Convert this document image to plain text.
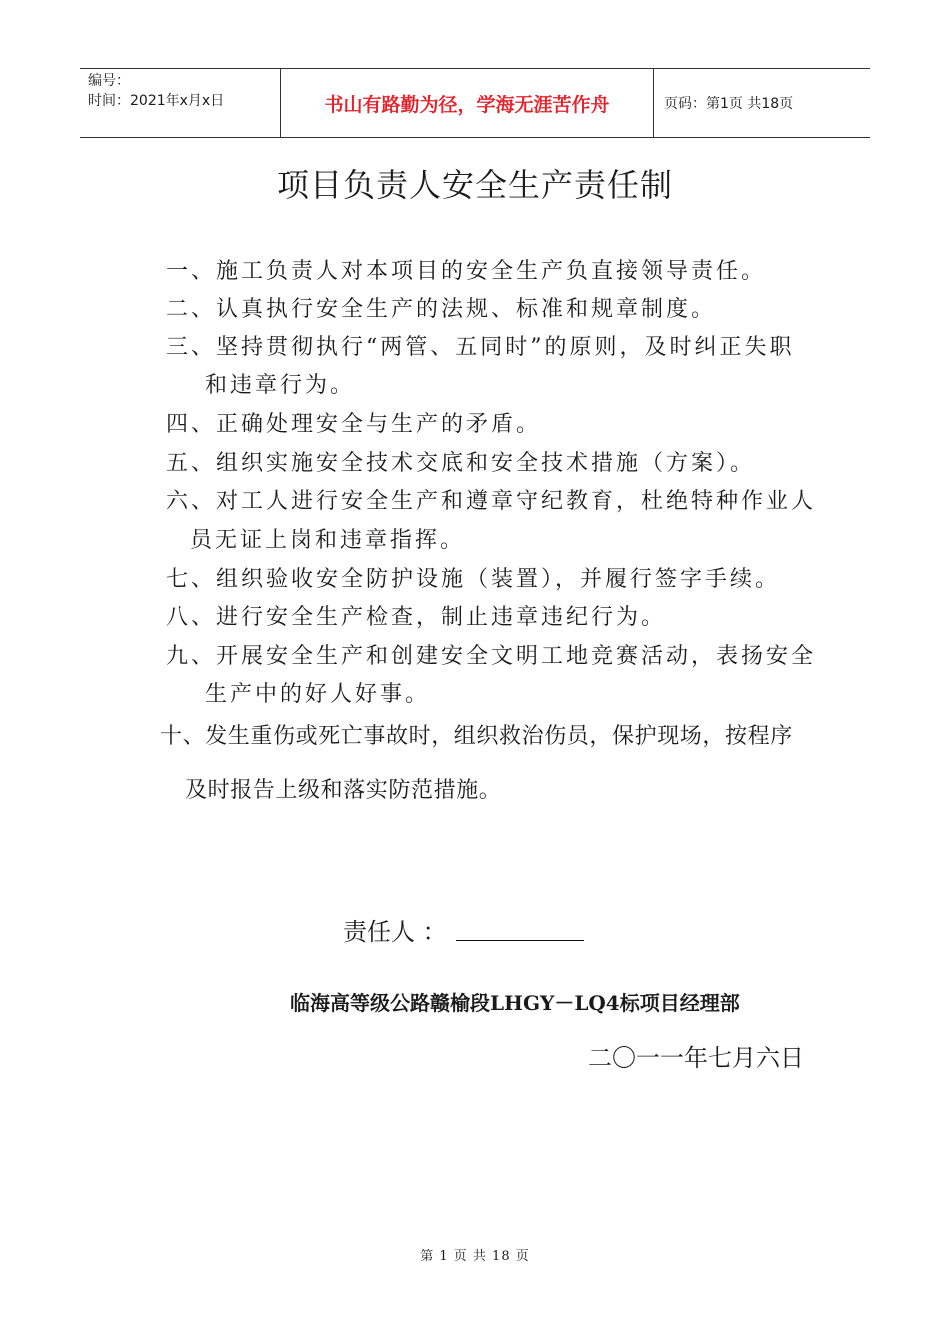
编号：
时间：2021年x月x日	书山有路勤为径，学海无涯苦作舟	页码：第1页 共18页
项目负责人安全生产责任制
一、施工负责人对本项目的安全生产负直接领导责任。
二、认真执行安全生产的法规、标准和规章制度。
三、坚持贯彻执行“两管、五同时”的原则，及时纠正失职
和违章行为。
四、正确处理安全与生产的矛盾。
五、组织实施安全技术交底和安全技术措施（方案）。
六、对工人进行安全生产和遵章守纪教育，杜绝特种作业人
员无证上岗和违章指挥。
七、组织验收安全防护设施（装置），并履行签字手续。
八、进行安全生产检查，制止违章违纪行为。
九、开展安全生产和创建安全文明工地竞赛活动，表扬安全
生产中的好人好事。
十、发生重伤或死亡事故时，组织救治伤员，保护现场，按程序
及时报告上级和落实防范措施。
责任人 ：
临海高等级公路赣榆段LHGY－LQ4标项目经理部
二〇一一年七月六日
第 1 页 共 18 页
